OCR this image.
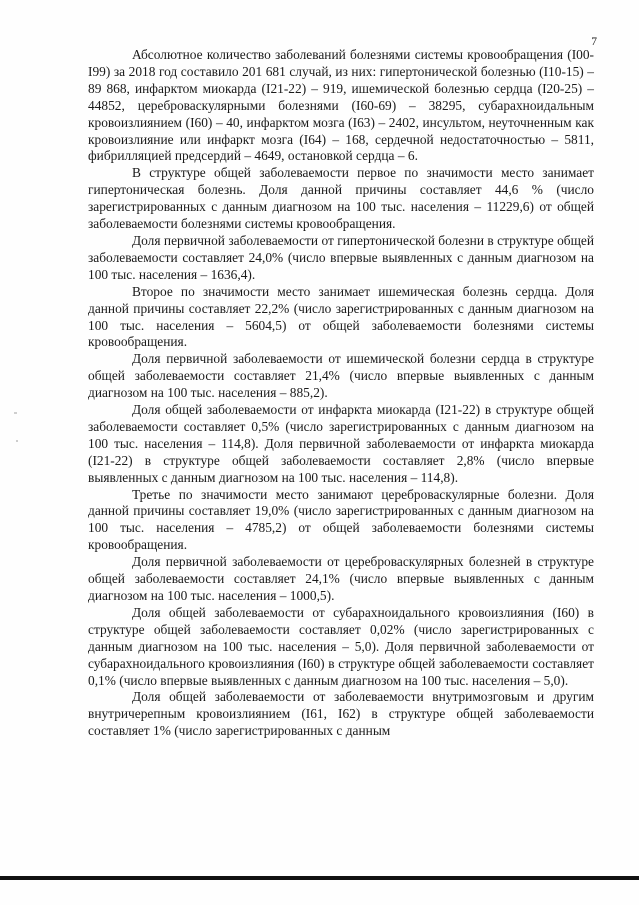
7

Абсолютное количество заболеваний болезнями системы кровообращения (I00-I99) за 2018 год составило 201 681 случай, из них: гипертонической болезнью (I10-15) – 89 868, инфарктом миокарда (I21-22) – 919, ишемической болезнью сердца (I20-25) – 44852, цереброваскулярными болезнями (I60-69) – 38295, субарахноидальным кровоизлиянием (I60) – 40, инфарктом мозга (I63) – 2402, инсультом, неуточненным как кровоизлияние или инфаркт мозга (I64) – 168, сердечной недостаточностью – 5811, фибрилляцией предсердий – 4649, остановкой сердца – 6.

В структуре общей заболеваемости первое по значимости место занимает гипертоническая болезнь. Доля данной причины составляет 44,6 % (число зарегистрированных с данным диагнозом на 100 тыс. населения – 11229,6) от общей заболеваемости болезнями системы кровообращения.

Доля первичной заболеваемости от гипертонической болезни в структуре общей заболеваемости составляет 24,0% (число впервые выявленных с данным диагнозом на 100 тыс. населения – 1636,4).

Второе по значимости место занимает ишемическая болезнь сердца. Доля данной причины составляет 22,2% (число зарегистрированных с данным диагнозом на 100 тыс. населения – 5604,5) от общей заболеваемости болезнями системы кровообращения.

Доля первичной заболеваемости от ишемической болезни сердца в структуре общей заболеваемости составляет 21,4% (число впервые выявленных с данным диагнозом на 100 тыс. населения – 885,2).

Доля общей заболеваемости от инфаркта миокарда (I21-22) в структуре общей заболеваемости составляет 0,5% (число зарегистрированных с данным диагнозом на 100 тыс. населения – 114,8). Доля первичной заболеваемости от инфаркта миокарда (I21-22) в структуре общей заболеваемости составляет 2,8% (число впервые выявленных с данным диагнозом на 100 тыс. населения – 114,8).

Третье по значимости место занимают цереброваскулярные болезни. Доля данной причины составляет 19,0% (число зарегистрированных с данным диагнозом на 100 тыс. населения – 4785,2) от общей заболеваемости болезнями системы кровообращения.

Доля первичной заболеваемости от цереброваскулярных болезней в структуре общей заболеваемости составляет 24,1% (число впервые выявленных с данным диагнозом на 100 тыс. населения – 1000,5).

Доля общей заболеваемости от субарахноидального кровоизлияния (I60) в структуре общей заболеваемости составляет 0,02% (число зарегистрированных с данным диагнозом на 100 тыс. населения – 5,0). Доля первичной заболеваемости от субарахноидального кровоизлияния (I60) в структуре общей заболеваемости составляет 0,1% (число впервые выявленных с данным диагнозом на 100 тыс. населения – 5,0).

Доля общей заболеваемости от заболеваемости внутримозговым и другим внутричерепным кровоизлиянием (I61, I62) в структуре общей заболеваемости составляет 1% (число зарегистрированных с данным
